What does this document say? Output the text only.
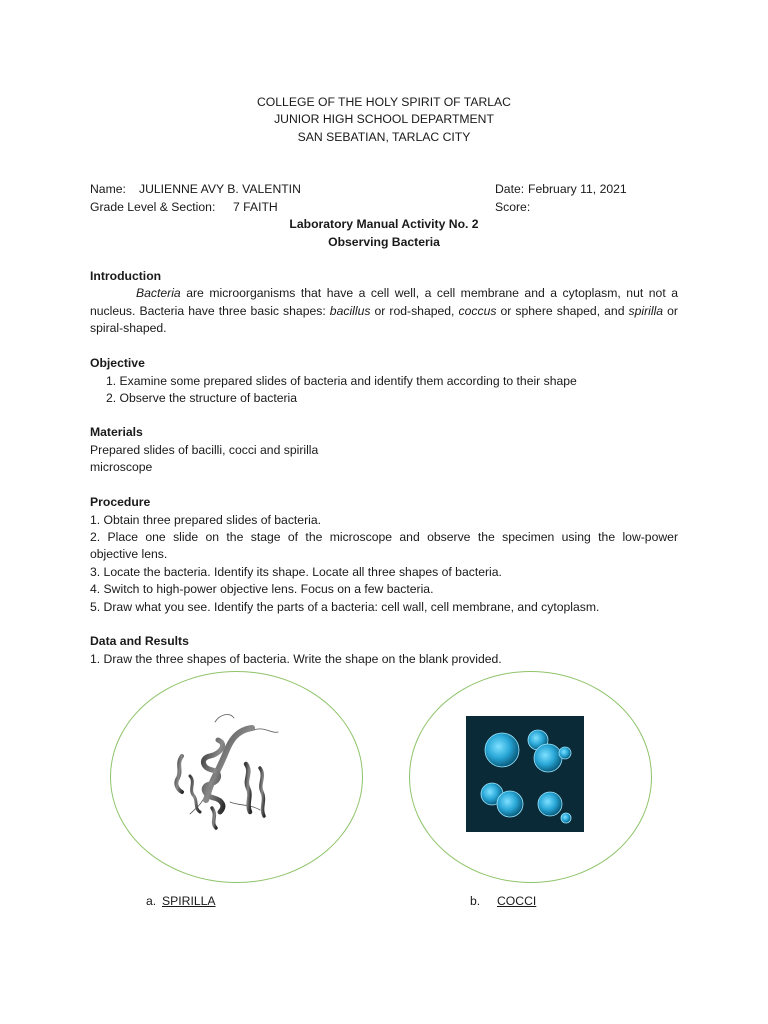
COLLEGE OF THE HOLY SPIRIT OF TARLAC
JUNIOR HIGH SCHOOL DEPARTMENT
SAN SEBATIAN, TARLAC CITY
Name: JULIENNE AVY B. VALENTIN	Date: February 11, 2021
Grade Level & Section: 7 FAITH	Score:
Laboratory Manual Activity No. 2
Observing Bacteria
Introduction
Bacteria are microorganisms that have a cell well, a cell membrane and a cytoplasm, nut not a nucleus. Bacteria have three basic shapes: bacillus or rod-shaped, coccus or sphere shaped, and spirilla or spiral-shaped.
Objective
1. Examine some prepared slides of bacteria and identify them according to their shape
2. Observe the structure of bacteria
Materials
Prepared slides of bacilli, cocci and spirilla
microscope
Procedure
1. Obtain three prepared slides of bacteria.
2. Place one slide on the stage of the microscope and observe the specimen using the low-power
objective lens.
3. Locate the bacteria. Identify its shape. Locate all three shapes of bacteria.
4. Switch to high-power objective lens. Focus on a few bacteria.
5. Draw what you see. Identify the parts of a bacteria: cell wall, cell membrane, and cytoplasm.
Data and Results
1. Draw the three shapes of bacteria. Write the shape on the blank provided.
a. SPIRILLA	b. COCCI
